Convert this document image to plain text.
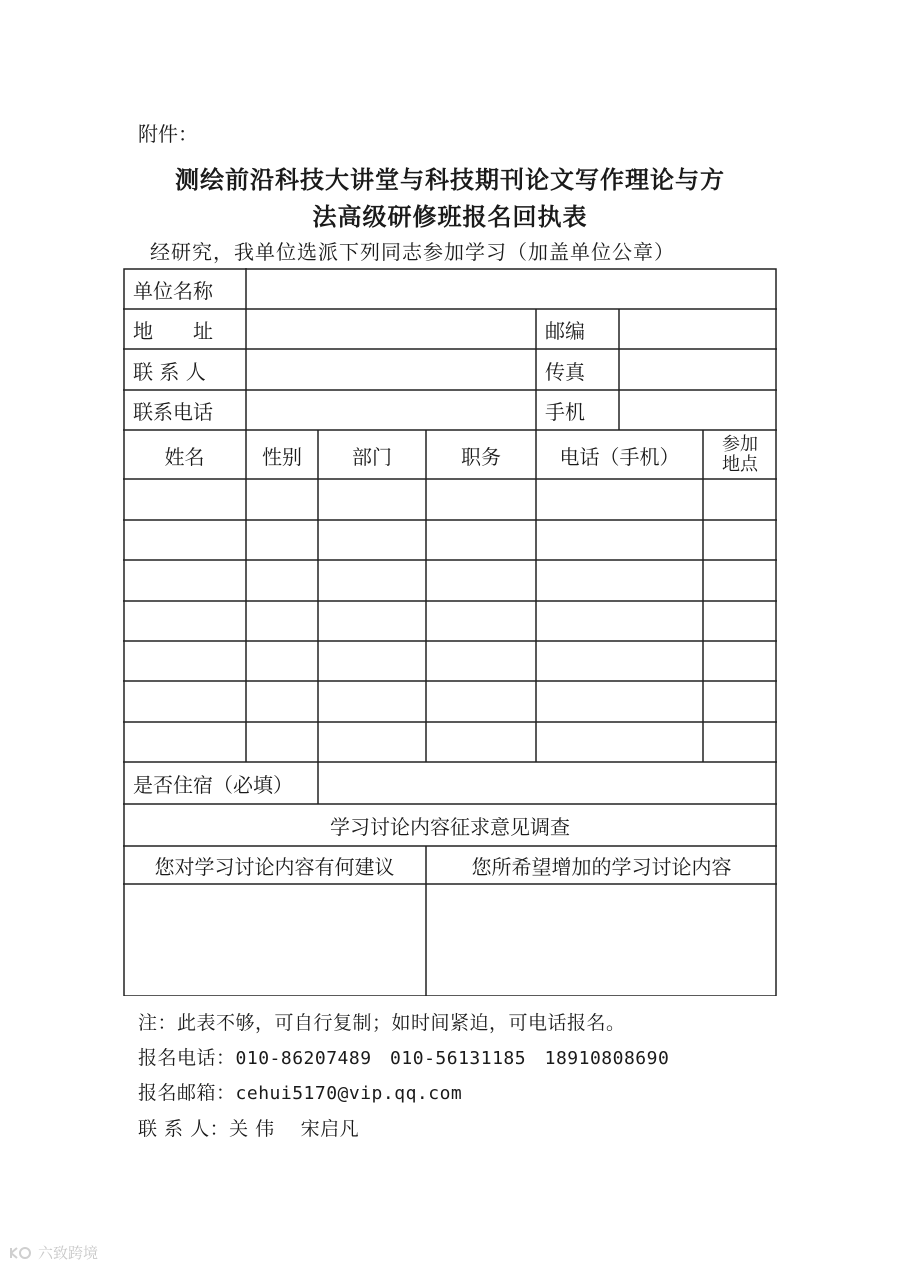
附件：
测绘前沿科技大讲堂与科技期刊论文写作理论与方
法高级研修班报名回执表
经研究，我单位选派下列同志参加学习（加盖单位公章）
单位名称
地　　址	邮编
联 系 人	传真
联系电话	手机
姓名	性别	部门	职务	电话（手机）	参加
地点
是否住宿（必填）
学习讨论内容征求意见调查
您对学习讨论内容有何建议	您所希望增加的学习讨论内容
注：此表不够，可自行复制；如时间紧迫，可电话报名。
报名电话：010-86207489　010-56131185　18910808690
报名邮箱：cehui5170@vip.qq.com
联 系 人：关 伟　 宋启凡
六致跨境
